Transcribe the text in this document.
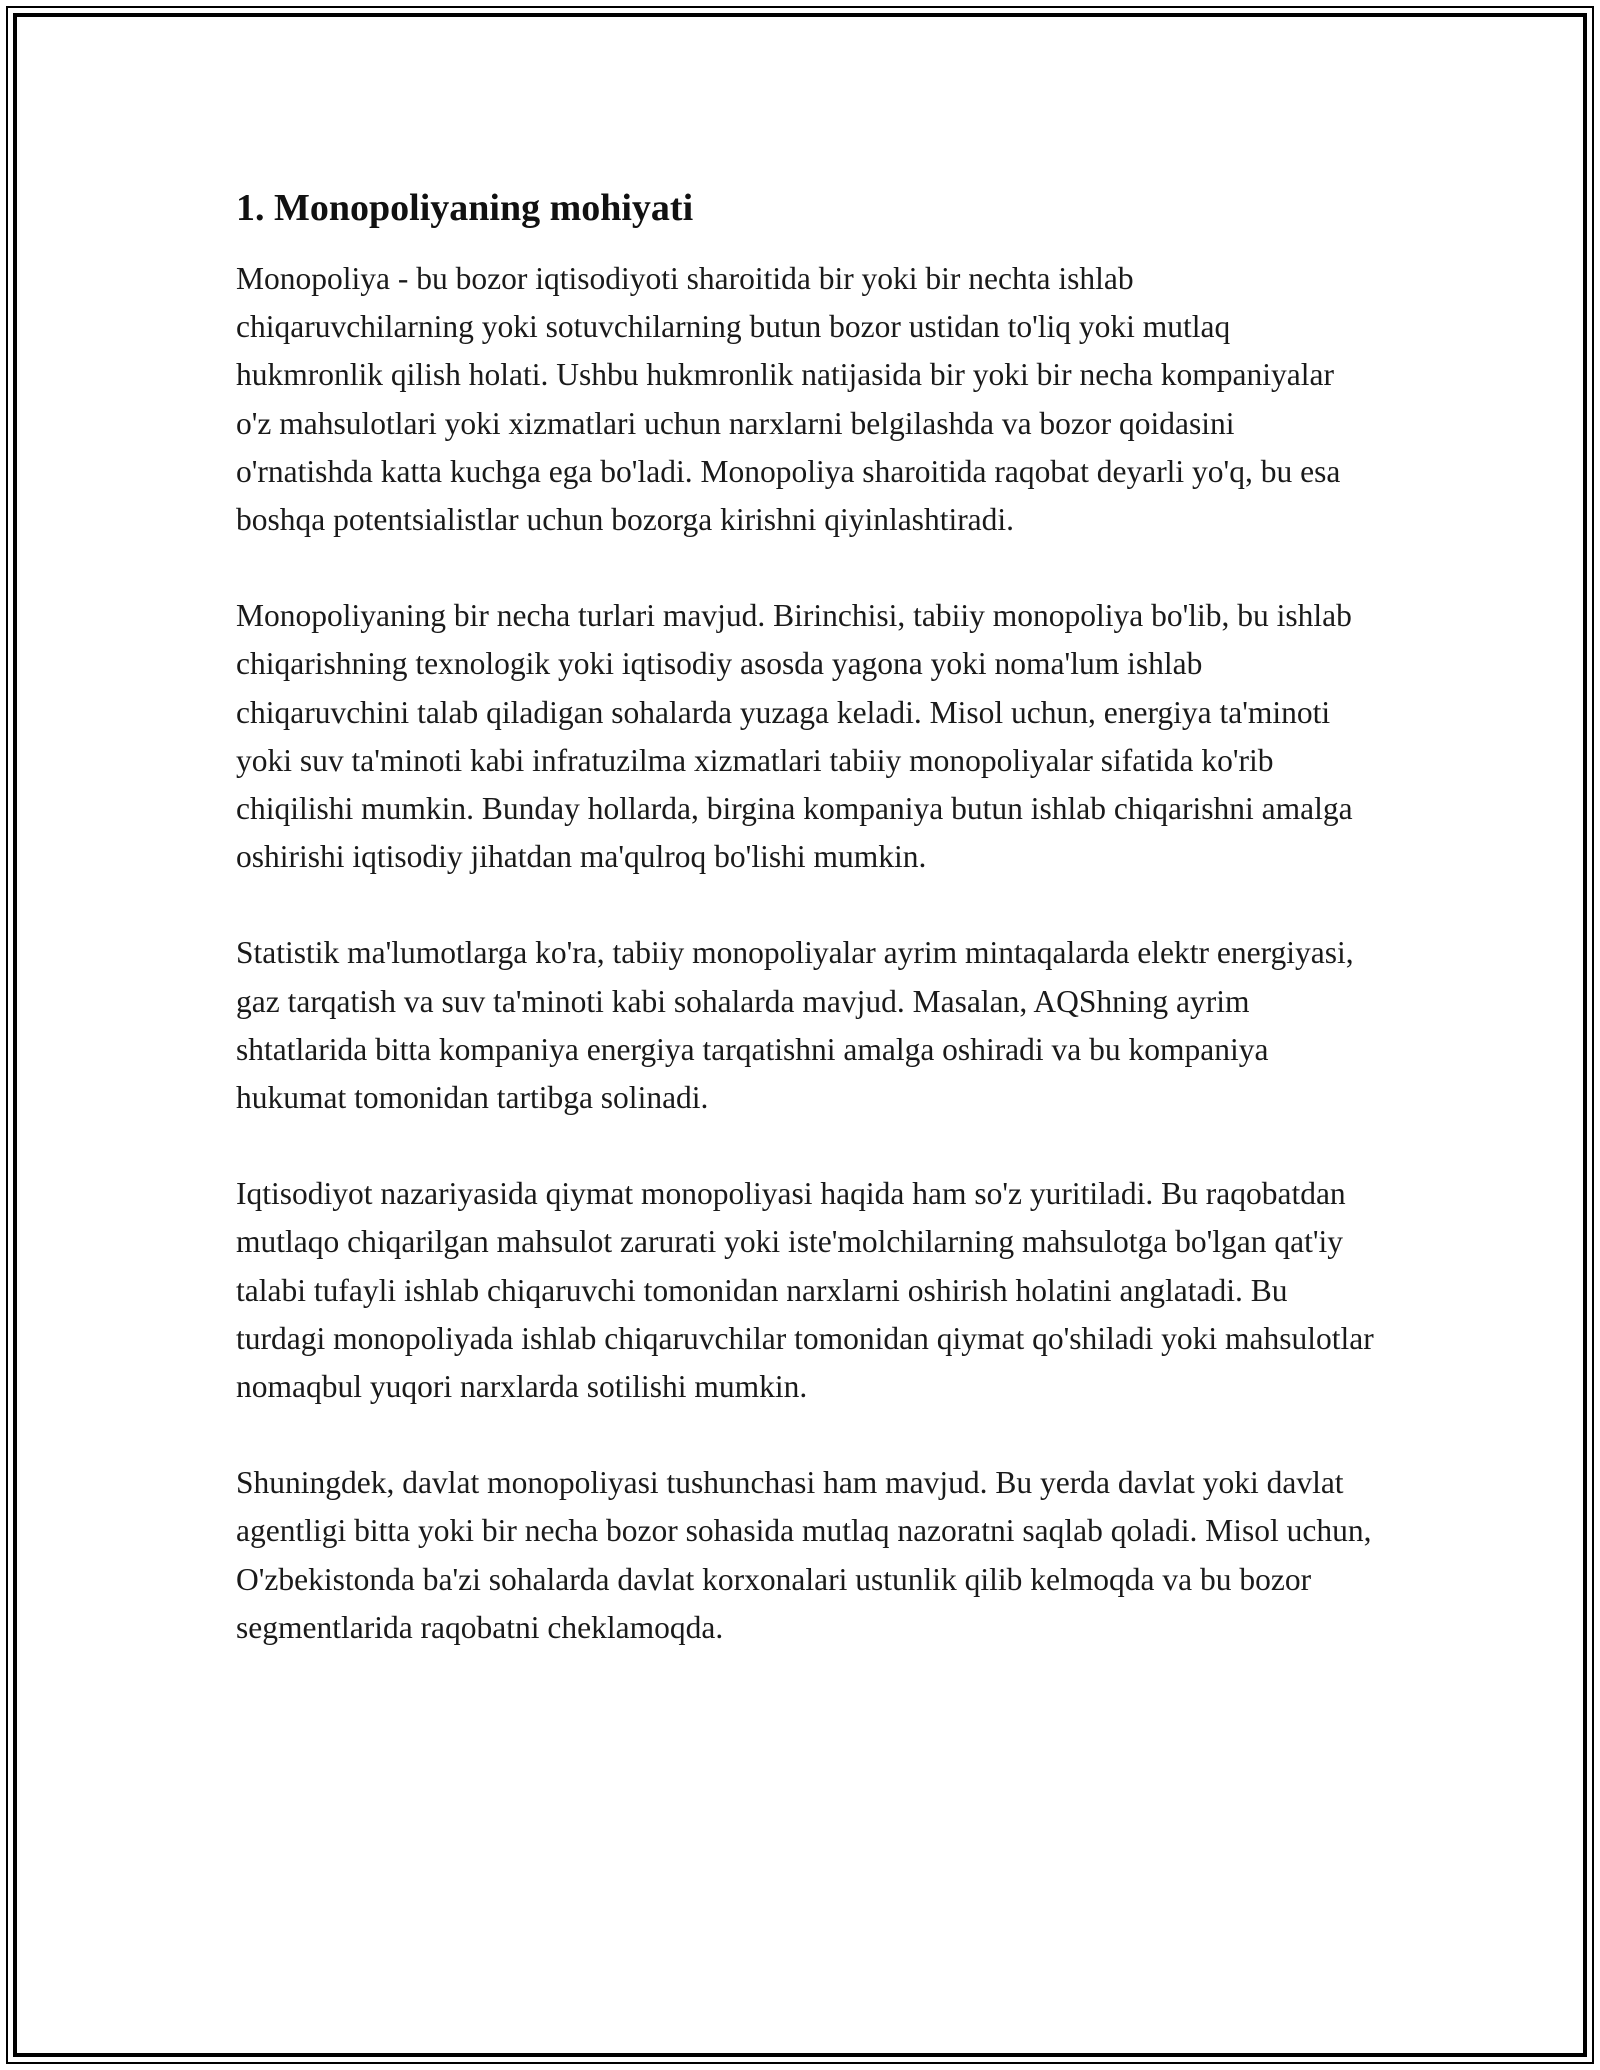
1. Monopoliyaning mohiyati

Monopoliya - bu bozor iqtisodiyoti sharoitida bir yoki bir nechta ishlab chiqaruvchilarning yoki sotuvchilarning butun bozor ustidan to'liq yoki mutlaq hukmronlik qilish holati. Ushbu hukmronlik natijasida bir yoki bir necha kompaniyalar o'z mahsulotlari yoki xizmatlari uchun narxlarni belgilashda va bozor qoidasini o'rnatishda katta kuchga ega bo'ladi. Monopoliya sharoitida raqobat deyarli yo'q, bu esa boshqa potentsialistlar uchun bozorga kirishni qiyinlashtiradi.

Monopoliyaning bir necha turlari mavjud. Birinchisi, tabiiy monopoliya bo'lib, bu ishlab chiqarishning texnologik yoki iqtisodiy asosda yagona yoki noma'lum ishlab chiqaruvchini talab qiladigan sohalarda yuzaga keladi. Misol uchun, energiya ta'minoti yoki suv ta'minoti kabi infratuzilma xizmatlari tabiiy monopoliyalar sifatida ko'rib chiqilishi mumkin. Bunday hollarda, birgina kompaniya butun ishlab chiqarishni amalga oshirishi iqtisodiy jihatdan ma'qulroq bo'lishi mumkin.

Statistik ma'lumotlarga ko'ra, tabiiy monopoliyalar ayrim mintaqalarda elektr energiyasi, gaz tarqatish va suv ta'minoti kabi sohalarda mavjud. Masalan, AQShning ayrim shtatlarida bitta kompaniya energiya tarqatishni amalga oshiradi va bu kompaniya hukumat tomonidan tartibga solinadi.

Iqtisodiyot nazariyasida qiymat monopoliyasi haqida ham so'z yuritiladi. Bu raqobatdan mutlaqo chiqarilgan mahsulot zarurati yoki iste'molchilarning mahsulotga bo'lgan qat'iy talabi tufayli ishlab chiqaruvchi tomonidan narxlarni oshirish holatini anglatadi. Bu turdagi monopoliyada ishlab chiqaruvchilar tomonidan qiymat qo'shiladi yoki mahsulotlar nomaqbul yuqori narxlarda sotilishi mumkin.

Shuningdek, davlat monopoliyasi tushunchasi ham mavjud. Bu yerda davlat yoki davlat agentligi bitta yoki bir necha bozor sohasida mutlaq nazoratni saqlab qoladi. Misol uchun, O'zbekistonda ba'zi sohalarda davlat korxonalari ustunlik qilib kelmoqda va bu bozor segmentlarida raqobatni cheklamoqda.
